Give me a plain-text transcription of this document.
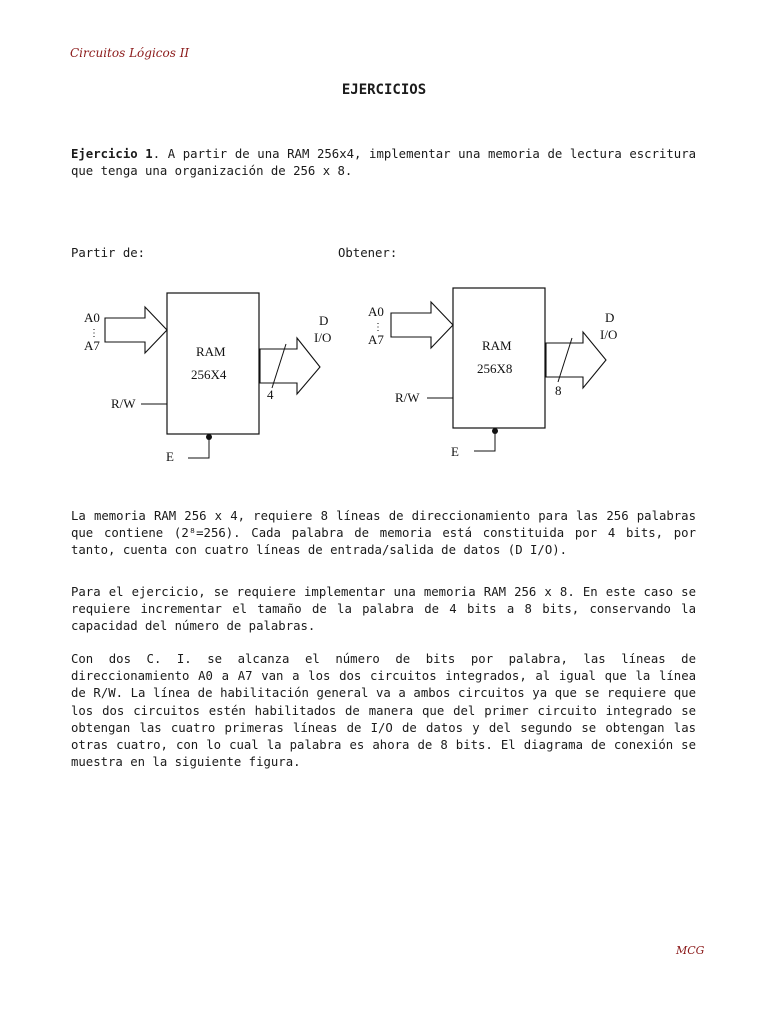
Circuitos Lógicos II
EJERCICIOS

Ejercicio 1. A partir de una RAM 256x4, implementar una memoria de lectura escritura que tenga una organización de 256 x 8.

Partir de:	Obtener:
A0
⋮
A7	RAM
256X4
D
I/O
4
R/W
E
A0
⋮
A7	RAM
256X8
D
I/O
8
R/W
E

La memoria RAM 256 x 4, requiere 8 líneas de direccionamiento para las 256 palabras que contiene (2⁸=256). Cada palabra de memoria está constituida por 4 bits, por tanto, cuenta con cuatro líneas de entrada/salida de datos (D I/O).

Para el ejercicio, se requiere implementar una memoria RAM 256 x 8. En este caso se requiere incrementar el tamaño de la palabra de 4 bits a 8 bits, conservando la capacidad del número de palabras.

Con dos C. I. se alcanza el número de bits por palabra, las líneas de direccionamiento A0 a A7 van a los dos circuitos integrados, al igual que la línea de R/W. La línea de habilitación general va a ambos circuitos ya que se requiere que los dos circuitos estén habilitados de manera que del primer circuito integrado se obtengan las cuatro primeras líneas de I/O de datos y del segundo se obtengan las otras cuatro, con lo cual la palabra es ahora de 8 bits. El diagrama de conexión se muestra en la siguiente figura.

MCG
